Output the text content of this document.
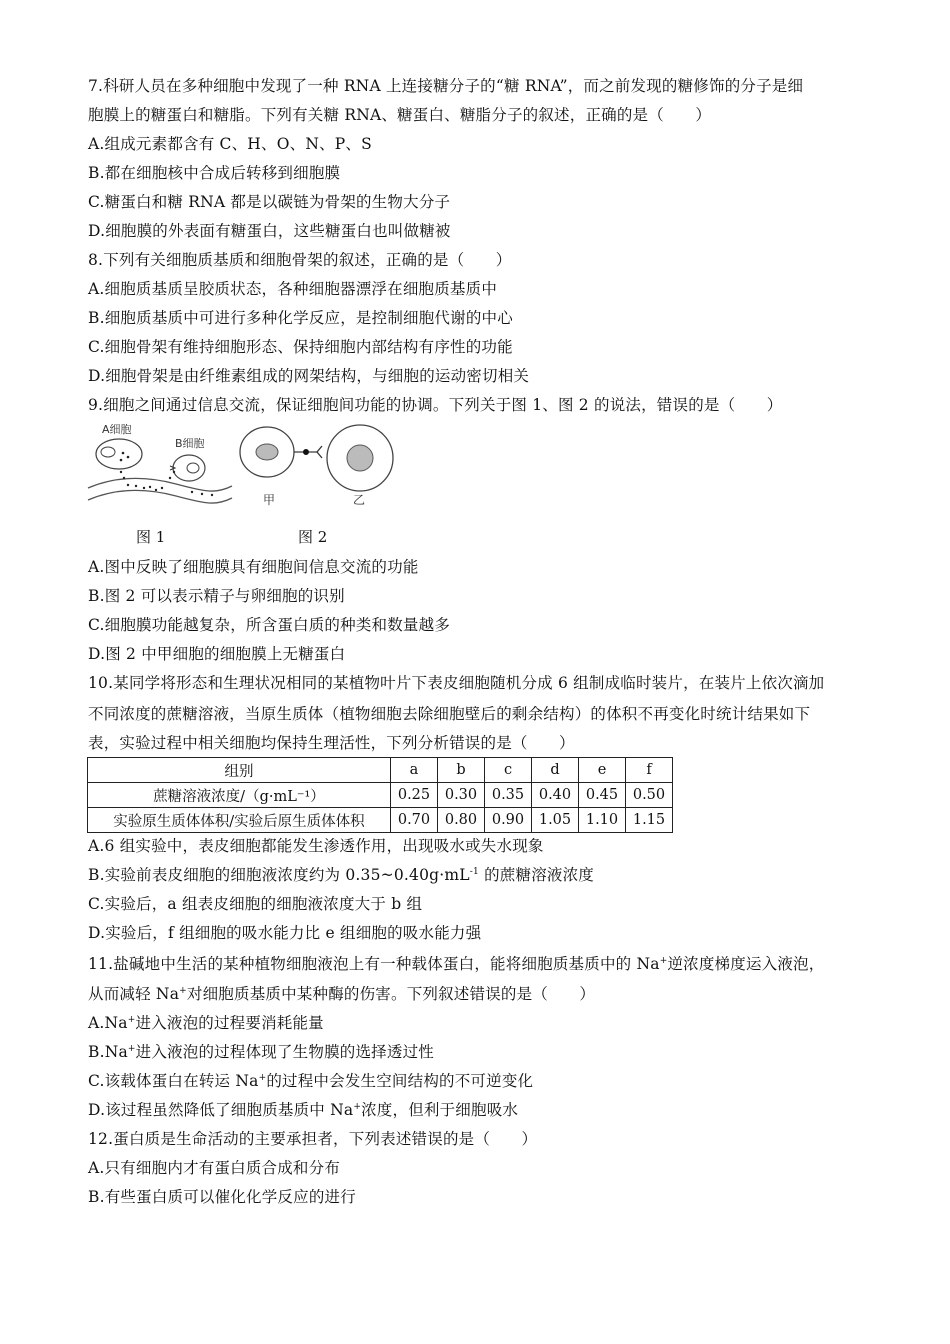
7.科研人员在多种细胞中发现了一种 RNA 上连接糖分子的“糖 RNA”，而之前发现的糖修饰的分子是细
胞膜上的糖蛋白和糖脂。下列有关糖 RNA、糖蛋白、糖脂分子的叙述，正确的是（　　）
A.组成元素都含有 C、H、O、N、P、S
B.都在细胞核中合成后转移到细胞膜
C.糖蛋白和糖 RNA 都是以碳链为骨架的生物大分子
D.细胞膜的外表面有糖蛋白，这些糖蛋白也叫做糖被
8.下列有关细胞质基质和细胞骨架的叙述，正确的是（　　）
A.细胞质基质呈胶质状态，各种细胞器漂浮在细胞质基质中
B.细胞质基质中可进行多种化学反应，是控制细胞代谢的中心
C.细胞骨架有维持细胞形态、保持细胞内部结构有序性的功能
D.细胞骨架是由纤维素组成的网架结构，与细胞的运动密切相关
9.细胞之间通过信息交流，保证细胞间功能的协调。下列关于图 1、图 2 的说法，错误的是（　　）
A细胞
B细胞
甲	乙
图 1	图 2
A.图中反映了细胞膜具有细胞间信息交流的功能
B.图 2 可以表示精子与卵细胞的识别
C.细胞膜功能越复杂，所含蛋白质的种类和数量越多
D.图 2 中甲细胞的细胞膜上无糖蛋白
10.某同学将形态和生理状况相同的某植物叶片下表皮细胞随机分成 6 组制成临时装片，在装片上依次滴加
不同浓度的蔗糖溶液，当原生质体（植物细胞去除细胞壁后的剩余结构）的体积不再变化时统计结果如下
表，实验过程中相关细胞均保持生理活性，下列分析错误的是（　　）
组别	a	b	c	d	e	f
蔗糖溶液浓度/（g·mL⁻¹）	0.25	0.30	0.35	0.40	0.45	0.50
实验原生质体体积/实验后原生质体体积	0.70	0.80	0.90	1.05	1.10	1.15
A.6 组实验中，表皮细胞都能发生渗透作用，出现吸水或失水现象
B.实验前表皮细胞的细胞液浓度约为 $0.35\sim 0.40g\cdot mL^{-1}$ 的蔗糖溶液浓度
C.实验后，a 组表皮细胞的细胞液浓度大于 b 组
D.实验后，f 组细胞的吸水能力比 e 组细胞的吸水能力强
11.盐碱地中生活的某种植物细胞液泡上有一种载体蛋白，能将细胞质基质中的 Na+逆浓度梯度运入液泡，
从而减轻 Na+对细胞质基质中某种酶的伤害。下列叙述错误的是（　　）
A.Na+进入液泡的过程要消耗能量
B.Na+进入液泡的过程体现了生物膜的选择透过性
C.该载体蛋白在转运 Na+的过程中会发生空间结构的不可逆变化
D.该过程虽然降低了细胞质基质中 Na+浓度，但利于细胞吸水
12.蛋白质是生命活动的主要承担者，下列表述错误的是（　　）
A.只有细胞内才有蛋白质合成和分布
B.有些蛋白质可以催化化学反应的进行
